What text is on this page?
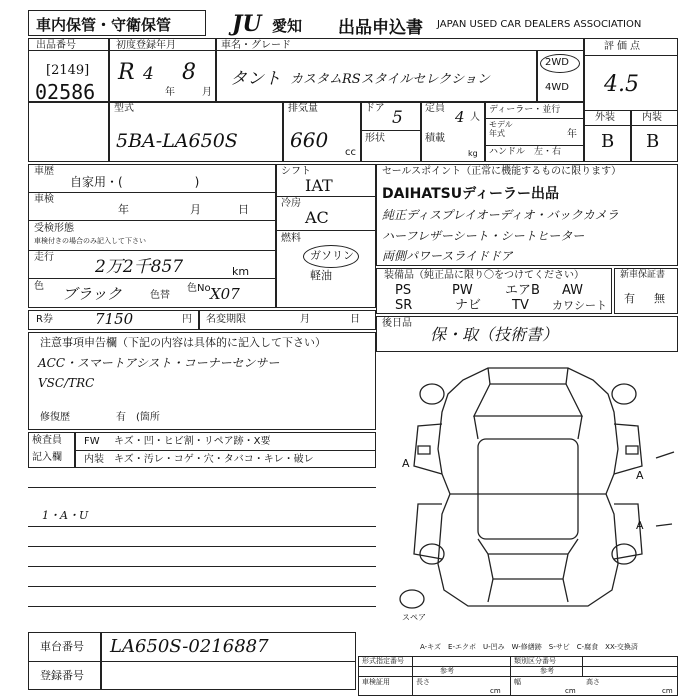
車内保管・守衛保管	JU 愛知 出品申込書 JAPAN USED CAR DEALERS ASSOCIATION
出品番号
[2149]
02586
初度登録年月
R 4
年
8
月
車名・グレード
タント カスタムRSスタイルセレクション
2WD
4WD
評価点
4.5
型式
5BA-LA650S
排気量
660
cc
ドア 5
形状
定員 4 人
積載
kg
ディーラー・並行
モデル
年式	年
ハンドル　左・右
外装	内装
B B
車歴
自家用・(　　　　　　)
車検
年	月	日
受検形態
車検付きの場合のみ記入して下さい
走行 2万2千857	km
色 ブラック	色替
色No X07
シフト
IAT
冷房
AC
燃料
ガソリン
軽油
R券	7150	円 名変期限	月	日
注意事項申告欄（下記の内容は具体的に記入して下さい）
ACC・スマートアシスト・コーナーセンサー
VSC/TRC
修復歴	有　(箇所
検査員
記入欄
FW キズ・凹・ヒビ割・リペア跡・X要
内装 キズ・汚レ・コゲ・穴・タバコ・キレ・破レ
1・A・U
車台番号 LA650S-0216887
登録番号
セールスポイント（正常に機能するものに限ります）
DAIHATSUディーラー出品
純正ディスプレイオーディオ・バックカメラ
ハーフレザーシート・シートヒーター
両側パワースライドドア
装備品（純正品に限り〇をつけてください）
PS	PW エアB AW
SR	ナビ TV カワシート
新車保証書
有 無
後日品
保・取（技術書）
A
A
A
スペア
A-キズ　E-エクボ　U-凹み　W-修繕跡　S-サビ　C-腐食　XX-交換済
形式指定番号
参考
類別区分番号
参考
車検証用	長さ	幅	高さ
cm	cm	cm
